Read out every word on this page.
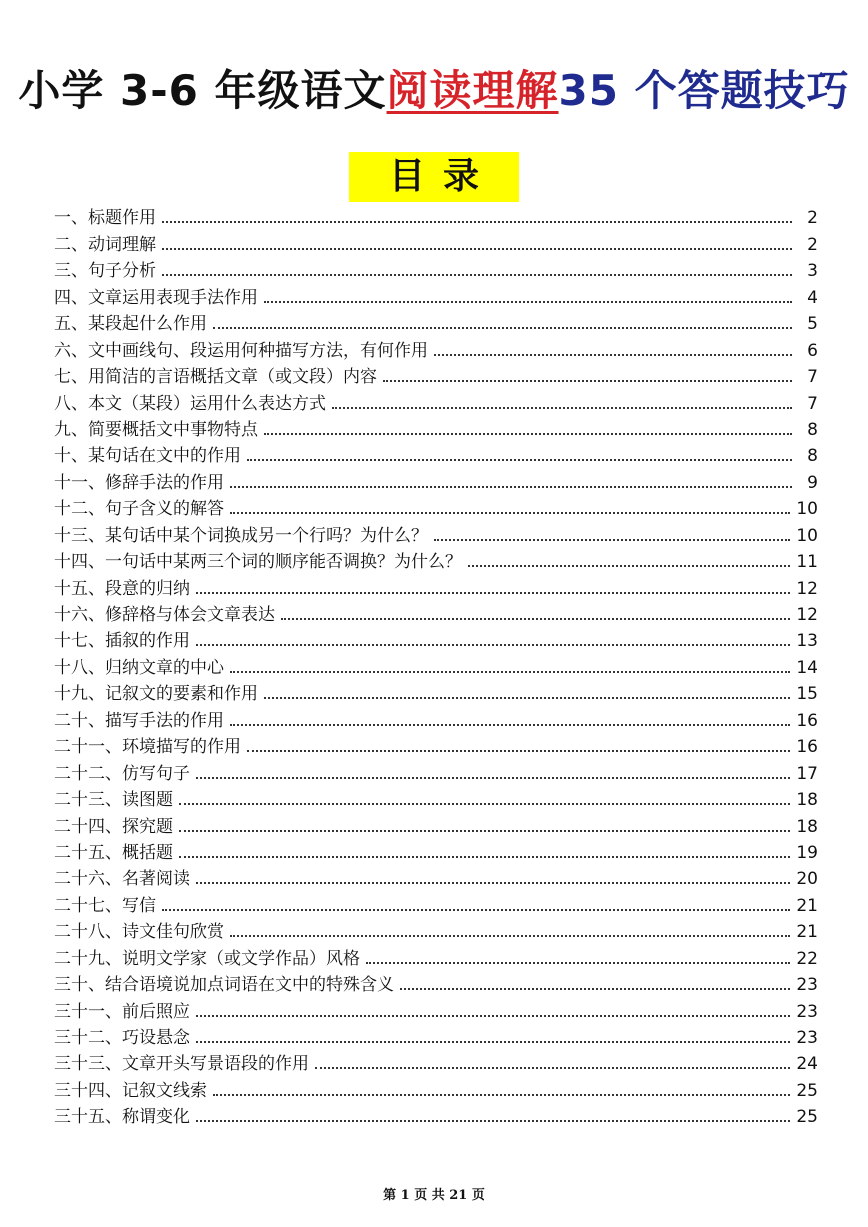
小学 3-6 年级语文阅读理解35 个答题技巧
目录
一、标题作用	2
二、动词理解	2
三、句子分析	3
四、文章运用表现手法作用	4
五、某段起什么作用	5
六、文中画线句、段运用何种描写方法，有何作用	6
七、用简洁的言语概括文章（或文段）内容	7
八、本文（某段）运用什么表达方式	7
九、简要概括文中事物特点	8
十、某句话在文中的作用	8
十一、修辞手法的作用	9
十二、句子含义的解答	10
十三、某句话中某个词换成另一个行吗？为什么？	10
十四、一句话中某两三个词的顺序能否调换？为什么？	11
十五、段意的归纳	12
十六、修辞格与体会文章表达	12
十七、插叙的作用	13
十八、归纳文章的中心	14
十九、记叙文的要素和作用	15
二十、描写手法的作用	16
二十一、环境描写的作用	16
二十二、仿写句子	17
二十三、读图题	18
二十四、探究题	18
二十五、概括题	19
二十六、名著阅读	20
二十七、写信	21
二十八、诗文佳句欣赏	21
二十九、说明文学家（或文学作品）风格	22
三十、结合语境说加点词语在文中的特殊含义	23
三十一、前后照应	23
三十二、巧设悬念	23
三十三、文章开头写景语段的作用	24
三十四、记叙文线索	25
三十五、称谓变化	25
第 1 页 共 21 页
